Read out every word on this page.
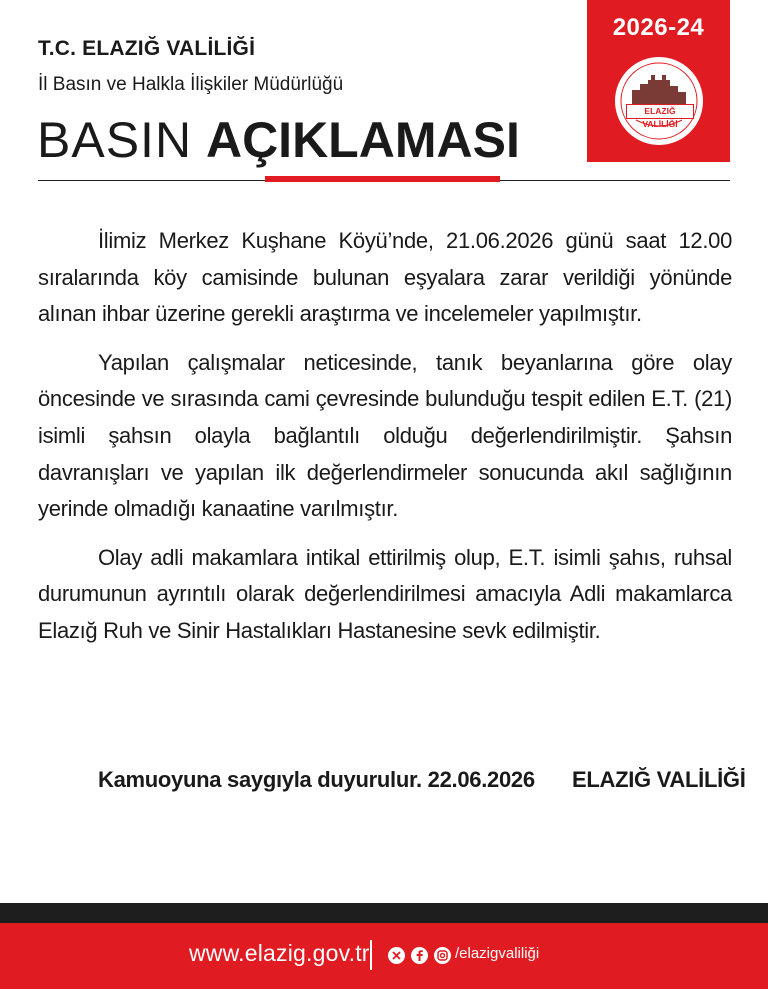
T.C. ELAZIĞ VALİLİĞİ
İl Basın ve Halkla İlişkiler Müdürlüğü
BASIN AÇIKLAMASI
2026-24
ELAZIĞ VALİLİĞİ

İlimiz Merkez Kuşhane Köyü’nde, 21.06.2026 günü saat 12.00 sıralarında köy camisinde bulunan eşyalara zarar verildiği yönünde alınan ihbar üzerine gerekli araştırma ve incelemeler yapılmıştır.

Yapılan çalışmalar neticesinde, tanık beyanlarına göre olay öncesinde ve sırasında cami çevresinde bulunduğu tespit edilen E.T. (21) isimli şahsın olayla bağlantılı olduğu değerlendirilmiştir. Şahsın davranışları ve yapılan ilk değerlendirmeler sonucunda akıl sağlığının yerinde olmadığı kanaatine varılmıştır.

Olay adli makamlara intikal ettirilmiş olup, E.T. isimli şahıs, ruhsal durumunun ayrıntılı olarak değerlendirilmesi amacıyla Adli makamlarca Elazığ Ruh ve Sinir Hastalıkları Hastanesine sevk edilmiştir.

Kamuoyuna saygıyla duyurulur. 22.06.2026 ELAZIĞ VALİLİĞİ
www.elazig.gov.tr	/elazigvaliliği
